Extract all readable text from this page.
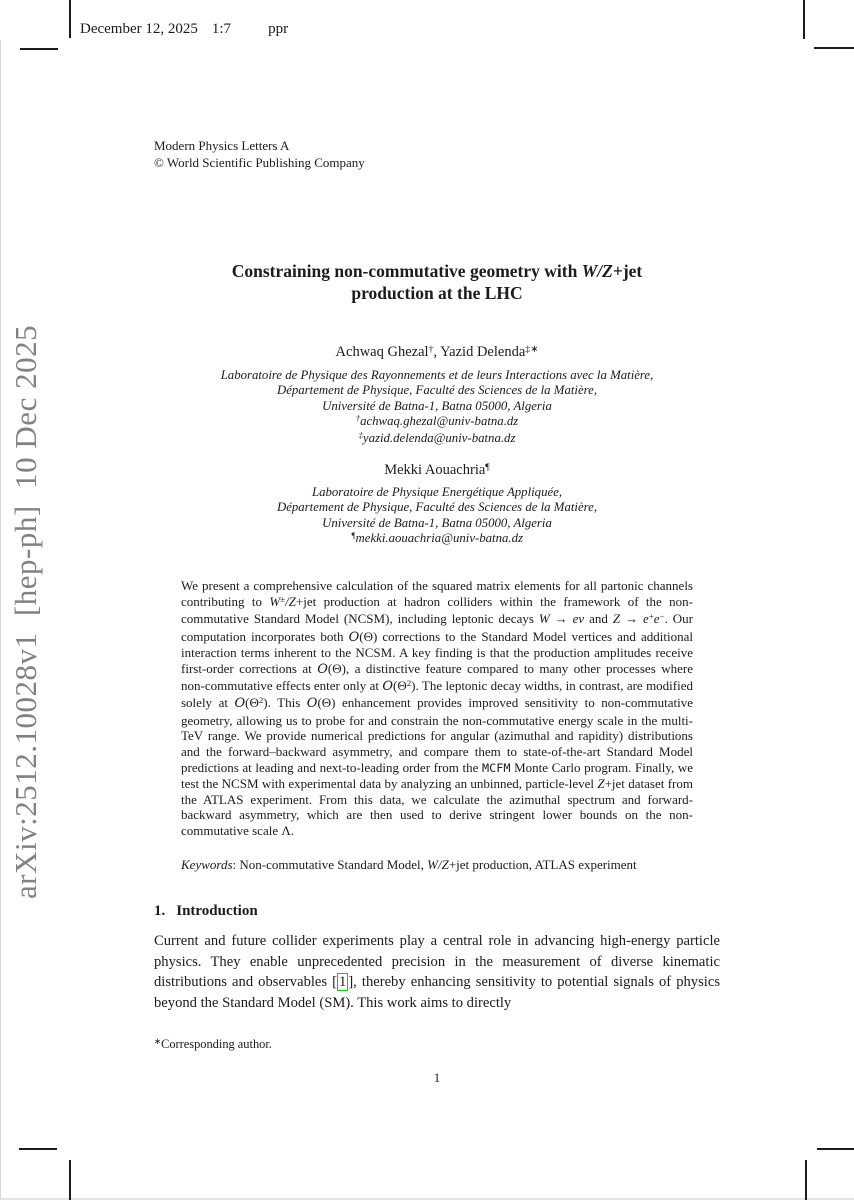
December 12, 2025 1:7 ppr
arXiv:2512.10028v1  [hep-ph]  10 Dec 2025
Modern Physics Letters A
© World Scientific Publishing Company
Constraining non-commutative geometry with W/Z+jet
production at the LHC
Achwaq Ghezal†, Yazid Delenda‡∗
Laboratoire de Physique des Rayonnements et de leurs Interactions avec la Matière,
Département de Physique, Faculté des Sciences de la Matière,
Université de Batna-1, Batna 05000, Algeria
†achwaq.ghezal@univ-batna.dz
‡yazid.delenda@univ-batna.dz
Mekki Aouachria¶
Laboratoire de Physique Energétique Appliquée,
Département de Physique, Faculté des Sciences de la Matière,
Université de Batna-1, Batna 05000, Algeria
¶mekki.aouachria@univ-batna.dz

We present a comprehensive calculation of the squared matrix elements for all partonic channels contributing to W±/Z+jet production at hadron colliders within the framework of the non-commutative Standard Model (NCSM), including leptonic decays W → eν and Z → e+e−. Our computation incorporates both O(Θ) corrections to the Standard Model vertices and additional interaction terms inherent to the NCSM. A key finding is that the production amplitudes receive first-order corrections at O(Θ), a distinctive feature compared to many other processes where non-commutative effects enter only at $O(\Theta^2)$. The leptonic decay widths, in contrast, are modified solely at $O(\Theta^2)$. This O(Θ) enhancement provides improved sensitivity to non-commutative geometry, allowing us to probe for and constrain the non-commutative energy scale in the multi-TeV range. We provide numerical predictions for angular (azimuthal and rapidity) distributions and the forward–backward asymmetry, and compare them to state-of-the-art Standard Model predictions at leading and next-to-leading order from the MCFM Monte Carlo program. Finally, we test the NCSM with experimental data by analyzing an unbinned, particle-level Z+jet dataset from the ATLAS experiment. From this data, we calculate the azimuthal spectrum and forward-backward asymmetry, which are then used to derive stringent lower bounds on the non-commutative scale Λ.

Keywords: Non-commutative Standard Model, W/Z+jet production, ATLAS experiment

1. Introduction

Current and future collider experiments play a central role in advancing high-energy particle physics. They enable unprecedented precision in the measurement of diverse kinematic distributions and observables [ 1 ], thereby enhancing sensitivity to potential signals of physics beyond the Standard Model (SM). This work aims to directly

∗Corresponding author.
1
